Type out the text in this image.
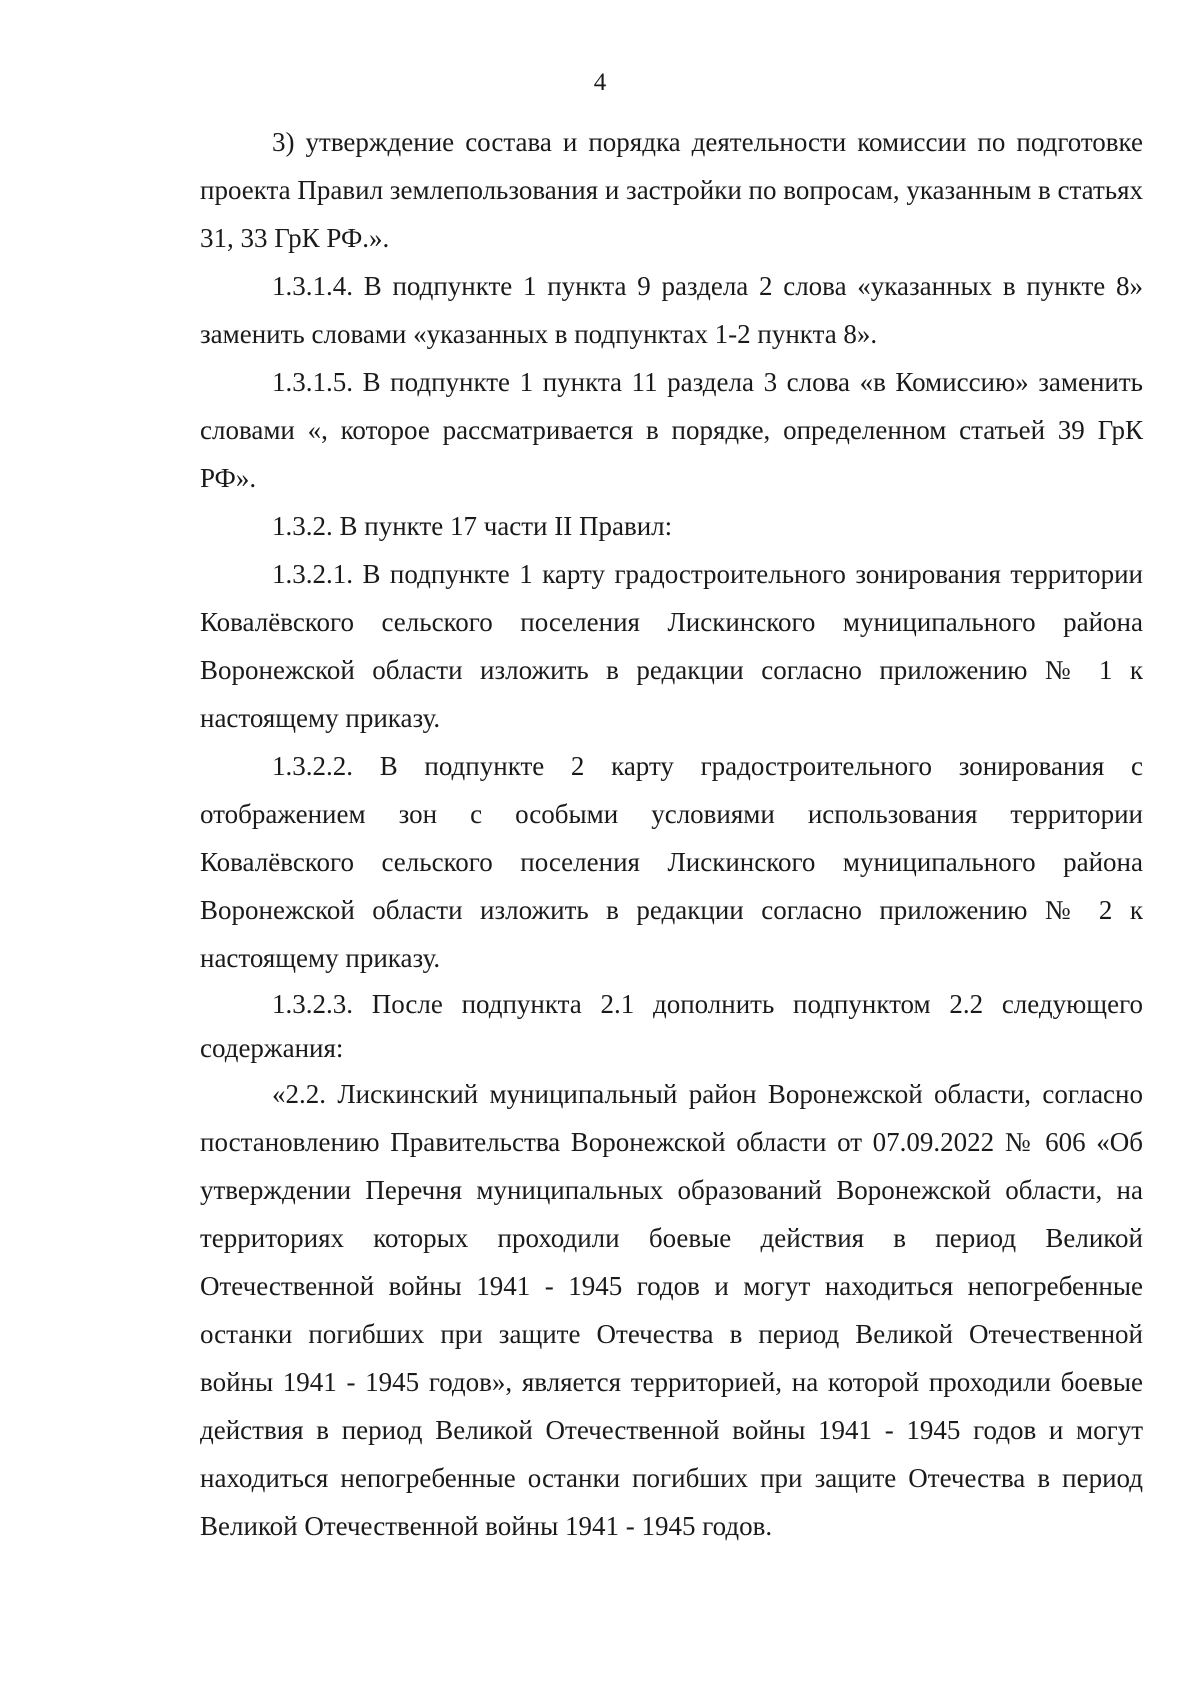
4

3) утверждение состава и порядка деятельности комиссии по подготовке проекта Правил землепользования и застройки по вопросам, указанным в статьях 31, 33 ГрК РФ.».

1.3.1.4. В подпункте 1 пункта 9 раздела 2 слова «указанных в пункте 8» заменить словами «указанных в подпунктах 1-2 пункта 8».

1.3.1.5. В подпункте 1 пункта 11 раздела 3 слова «в Комиссию» заменить словами «, которое рассматривается в порядке, определенном статьей 39 ГрК РФ».

1.3.2. В пункте 17 части II Правил:

1.3.2.1. В подпункте 1 карту градостроительного зонирования территории Ковалёвского сельского поселения Лискинского муниципального района Воронежской области изложить в редакции согласно приложению № 1 к настоящему приказу.

1.3.2.2. В подпункте 2 карту градостроительного зонирования с отображением зон с особыми условиями использования территории Ковалёвского сельского поселения Лискинского муниципального района Воронежской области изложить в редакции согласно приложению № 2 к настоящему приказу.

1.3.2.3. После подпункта 2.1 дополнить подпунктом 2.2 следующего содержания:

«2.2. Лискинский муниципальный район Воронежской области, согласно постановлению Правительства Воронежской области от 07.09.2022 № 606 «Об утверждении Перечня муниципальных образований Воронежской области, на территориях которых проходили боевые действия в период Великой Отечественной войны 1941 - 1945 годов и могут находиться непогребенные останки погибших при защите Отечества в период Великой Отечественной войны 1941 - 1945 годов», является территорией, на которой проходили боевые действия в период Великой Отечественной войны 1941 - 1945 годов и могут находиться непогребенные останки погибших при защите Отечества в период Великой Отечественной войны 1941 - 1945 годов.
